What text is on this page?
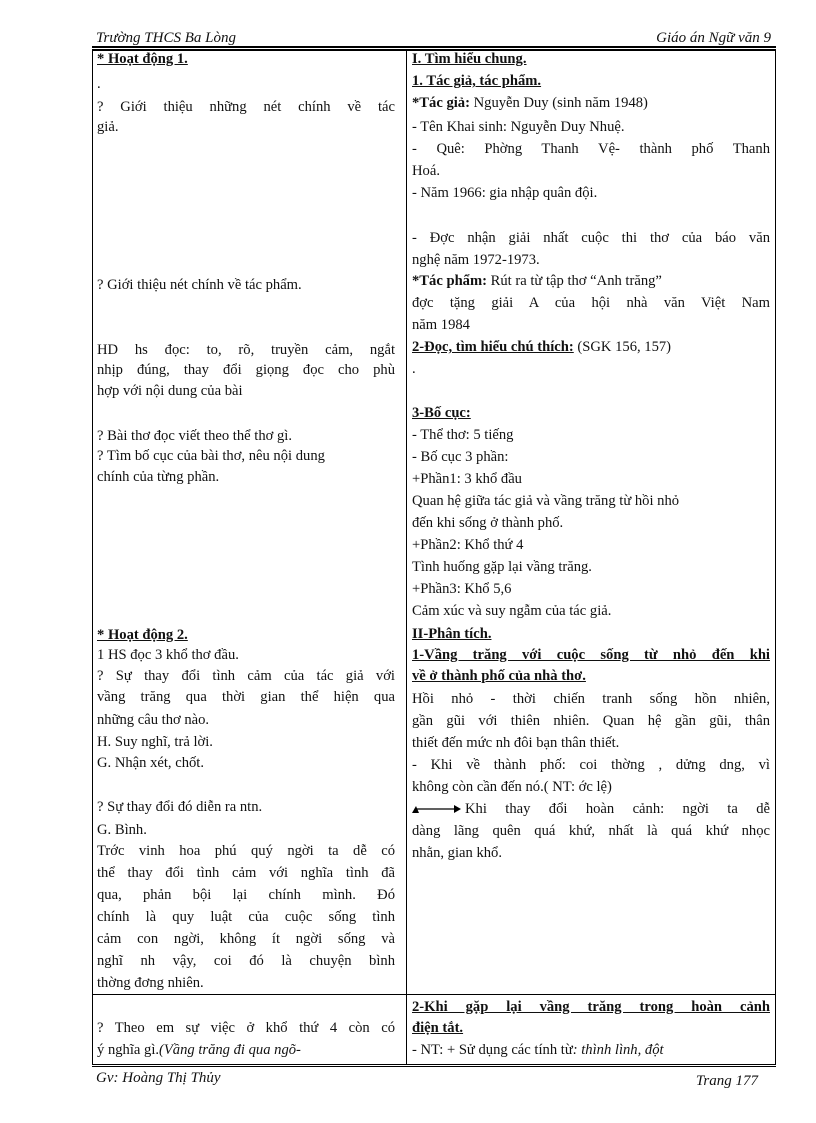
Trường THCS Ba Lòng	Giáo án Ngữ văn 9
* Hoạt động 1.
.
? Giới thiệu những nét chính về tác
giả.
? Giới thiệu nét chính về tác phẩm.
HD hs đọc: to, rõ, truyền cảm, ngắt
nhịp đúng, thay đổi giọng đọc cho phù
hợp với nội dung của bài
? Bài thơ đọc viết theo thể thơ gì.
? Tìm bố cục của bài thơ, nêu nội dung
chính của từng phần.
* Hoạt động 2.
1 HS đọc 3 khổ thơ đầu.
? Sự thay đổi tình cảm của tác giả với
vầng trăng qua thời gian thể hiện qua
những câu thơ nào.
H. Suy nghĩ, trả lời.
G. Nhận xét, chốt.
? Sự thay đổi đó diễn ra ntn.
G. Bình.
Trớc vinh hoa phú quý ngời ta dễ có
thể thay đổi tình cảm với nghĩa tình đã
qua, phản bội lại chính mình. Đó
chính là quy luật của cuộc sống tình
cảm con ngời, không ít ngời sống và
nghĩ nh vậy, coi đó là chuyện bình
thờng đơng nhiên.
? Theo em sự việc ở khổ thứ 4 còn có
ý nghĩa gì.(Vầng trăng đi qua ngõ-
I. Tìm hiểu chung.
1. Tác giả, tác phẩm.
*Tác giả: Nguyễn Duy (sinh năm 1948)
- Tên Khai sinh: Nguyễn Duy Nhuệ.
- Quê: Phờng Thanh Vệ- thành phố Thanh
Hoá.
- Năm 1966: gia nhập quân đội.
- Đợc nhận giải nhất cuộc thi thơ của báo văn
nghệ năm 1972-1973.
*Tác phẩm: Rút ra từ tập thơ “Anh trăng”
đợc tặng giải A của hội nhà văn Việt Nam
năm 1984
2-Đọc, tìm hiểu chú thích: (SGK 156, 157)
.
3-Bố cục:
- Thể thơ: 5 tiếng
- Bố cục 3 phần:
+Phần1: 3 khổ đầu
Quan hệ giữa tác giả và vầng trăng từ hồi nhỏ
đến khi sống ở thành phố.
+Phần2: Khổ thứ 4
Tình huống gặp lại vầng trăng.
+Phần3: Khổ 5,6
Cảm xúc và suy ngẫm của tác giả.
II-Phân tích.
1-Vầng trăng với cuộc sống từ nhỏ đến khi
về ở thành phố của nhà thơ.
Hồi nhỏ - thời chiến tranh sống hồn nhiên,
gần gũi với thiên nhiên. Quan hệ gần gũi, thân
thiết đến mức nh đôi bạn thân thiết.
- Khi về thành phố: coi thờng , dửng dng, vì
không còn cần đến nó.( NT: ớc lệ)
Khi thay đổi hoàn cảnh: ngời ta dễ
dàng lãng quên quá khứ, nhất là quá khứ nhọc
nhằn, gian khổ.
2-Khi gặp lại vầng trăng trong hoàn cảnh
điện tắt.
- NT: + Sử dụng các tính từ: thình lình, đột
Gv: Hoàng Thị Thủy	Trang 177
